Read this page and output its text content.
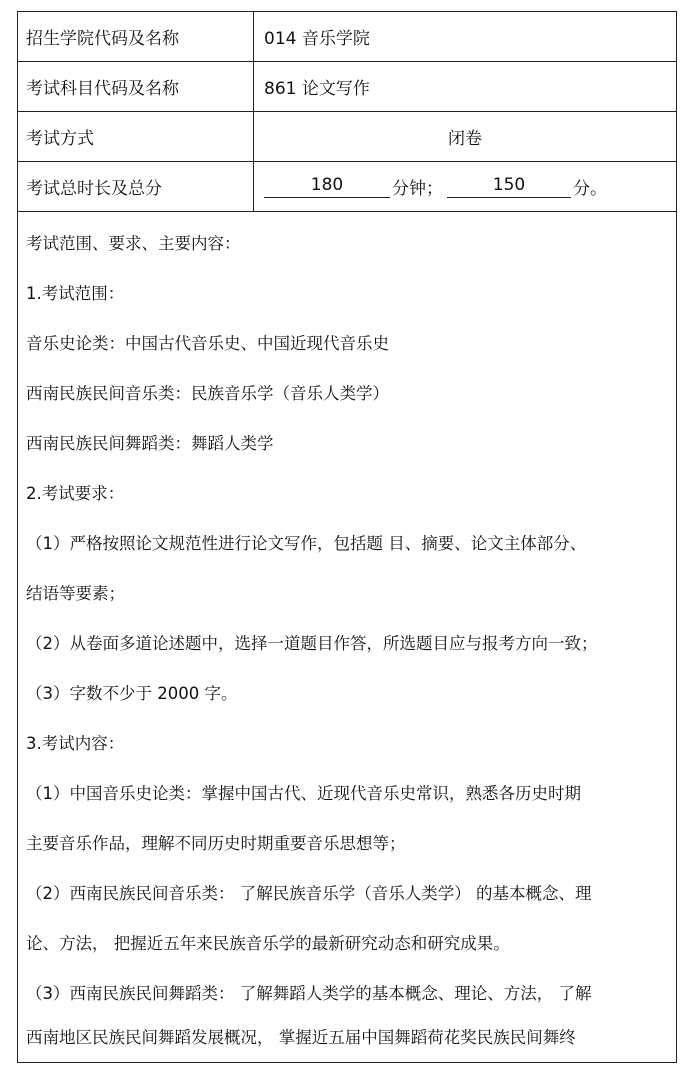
招生学院代码及名称	014 音乐学院
考试科目代码及名称	861 论文写作
考试方式	闭卷
考试总时长及总分	180	分钟；	150	分。
考试范围、要求、主要内容：
1.考试范围：
音乐史论类：中国古代音乐史、中国近现代音乐史
西南民族民间音乐类：民族音乐学（音乐人类学）
西南民族民间舞蹈类：舞蹈人类学
2.考试要求：
（1）严格按照论文规范性进行论文写作，包括题 目、摘要、论文主体部分、
结语等要素；
（2）从卷面多道论述题中，选择一道题目作答，所选题目应与报考方向一致；
（3）字数不少于 2000 字。
3.考试内容：
（1）中国音乐史论类：掌握中国古代、近现代音乐史常识，熟悉各历史时期
主要音乐作品，理解不同历史时期重要音乐思想等；
（2）西南民族民间音乐类： 了解民族音乐学（音乐人类学） 的基本概念、理
论、方法， 把握近五年来民族音乐学的最新研究动态和研究成果。
（3）西南民族民间舞蹈类： 了解舞蹈人类学的基本概念、理论、方法， 了解
西南地区民族民间舞蹈发展概况， 掌握近五届中国舞蹈荷花奖民族民间舞终
